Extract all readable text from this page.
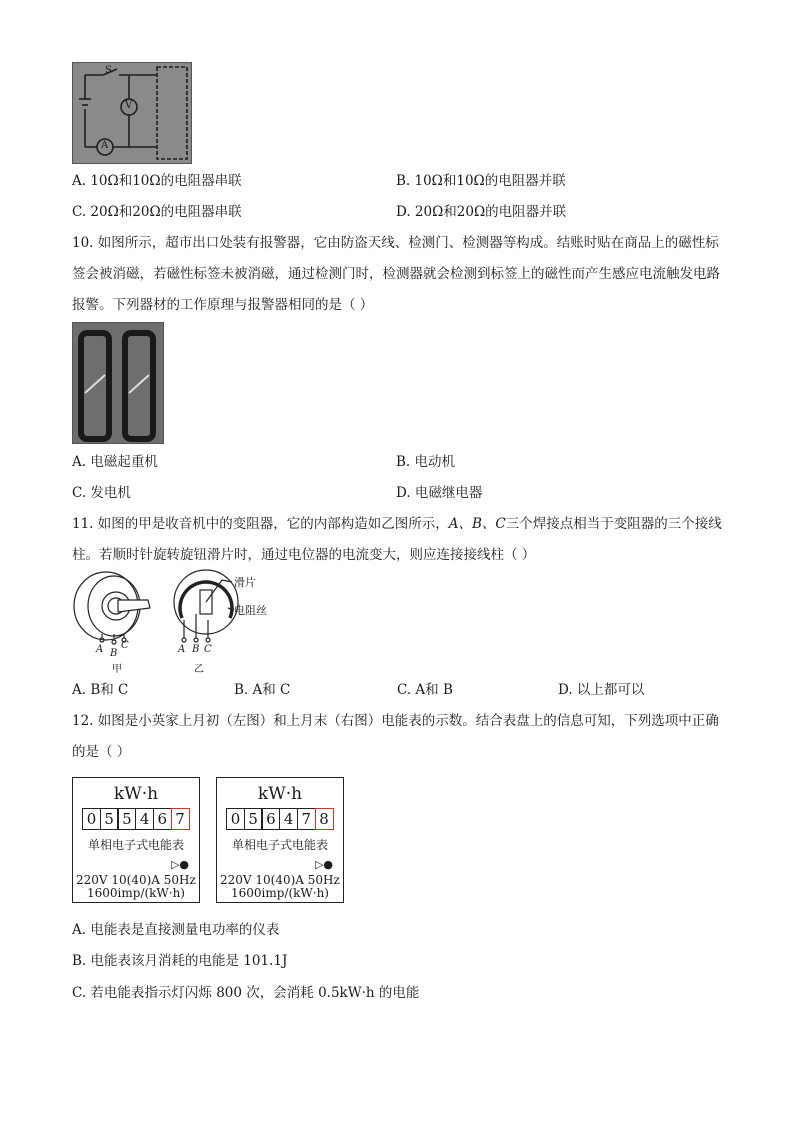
S
V
A
A. 10Ω和10Ω的电阻器串联	B. 10Ω和10Ω的电阻器并联
C. 20Ω和20Ω的电阻器串联	D. 20Ω和20Ω的电阻器并联
10. 如图所示，超市出口处装有报警器，它由防盗天线、检测门、检测器等构成。结账时贴在商品上的磁性标签会被消磁，若磁性标签未被消磁，通过检测门时，检测器就会检测到标签上的磁性而产生感应电流触发电路报警。下列器材的工作原理与报警器相同的是（ ）
A. 电磁起重机	B. 电动机
C. 发电机	D. 电磁继电器
11. 如图的甲是收音机中的变阻器，它的内部构造如乙图所示，A、B、C三个焊接点相当于变阻器的三个接线柱。若顺时针旋转旋钮滑片时，通过电位器的电流变大，则应连接接线柱（ ）
A B
C
甲
A B C
乙
滑片
电阻丝
A. B和 C	B. A和 C	C. A和 B	D. 以上都可以
12. 如图是小英家上月初（左图）和上月末（右图）电能表的示数。结合表盘上的信息可知，下列选项中正确的是（ ）
kW·h
0 5 5 4 6 7
单相电子式电能表
▷●
220V 10(40)A 50Hz
1600imp/(kW·h)
kW·h
0 5 6 4 7 8
单相电子式电能表
▷●
220V 10(40)A 50Hz
1600imp/(kW·h)
A. 电能表是直接测量电功率的仪表
B. 电能表该月消耗的电能是 101.1J
C. 若电能表指示灯闪烁 800 次，会消耗 0.5kW·h 的电能
